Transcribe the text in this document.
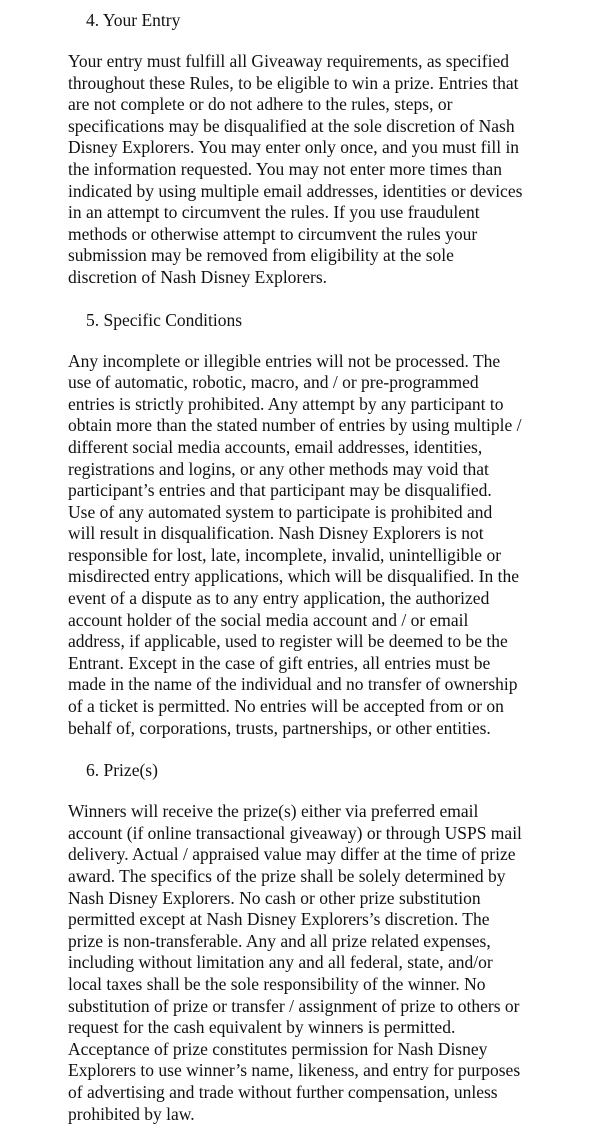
4. Your Entry
Your entry must fulfill all Giveaway requirements, as specified
throughout these Rules, to be eligible to win a prize. Entries that
are not complete or do not adhere to the rules, steps, or
specifications may be disqualified at the sole discretion of Nash
Disney Explorers. You may enter only once, and you must fill in
the information requested. You may not enter more times than
indicated by using multiple email addresses, identities or devices
in an attempt to circumvent the rules. If you use fraudulent
methods or otherwise attempt to circumvent the rules your
submission may be removed from eligibility at the sole
discretion of Nash Disney Explorers.
5. Specific Conditions
Any incomplete or illegible entries will not be processed. The
use of automatic, robotic, macro, and / or pre-programmed
entries is strictly prohibited. Any attempt by any participant to
obtain more than the stated number of entries by using multiple /
different social media accounts, email addresses, identities,
registrations and logins, or any other methods may void that
participant’s entries and that participant may be disqualified.
Use of any automated system to participate is prohibited and
will result in disqualification. Nash Disney Explorers is not
responsible for lost, late, incomplete, invalid, unintelligible or
misdirected entry applications, which will be disqualified. In the
event of a dispute as to any entry application, the authorized
account holder of the social media account and / or email
address, if applicable, used to register will be deemed to be the
Entrant. Except in the case of gift entries, all entries must be
made in the name of the individual and no transfer of ownership
of a ticket is permitted. No entries will be accepted from or on
behalf of, corporations, trusts, partnerships, or other entities.
6. Prize(s)
Winners will receive the prize(s) either via preferred email
account (if online transactional giveaway) or through USPS mail
delivery. Actual / appraised value may differ at the time of prize
award. The specifics of the prize shall be solely determined by
Nash Disney Explorers. No cash or other prize substitution
permitted except at Nash Disney Explorers’s discretion. The
prize is non-transferable. Any and all prize related expenses,
including without limitation any and all federal, state, and/or
local taxes shall be the sole responsibility of the winner. No
substitution of prize or transfer / assignment of prize to others or
request for the cash equivalent by winners is permitted.
Acceptance of prize constitutes permission for Nash Disney
Explorers to use winner’s name, likeness, and entry for purposes
of advertising and trade without further compensation, unless
prohibited by law.
